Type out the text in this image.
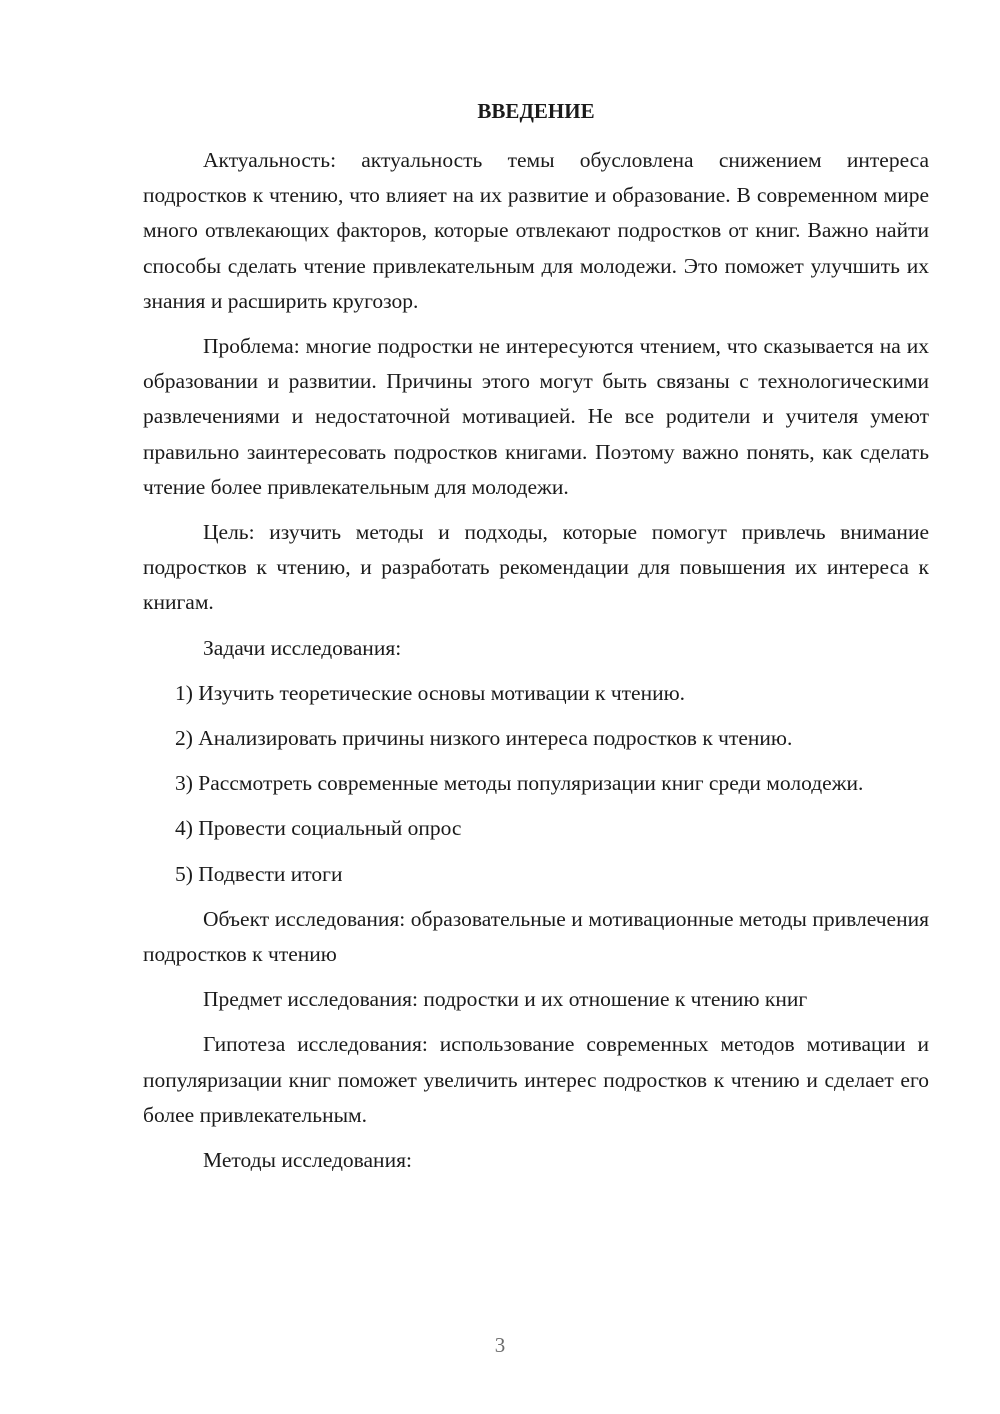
ВВЕДЕНИЕ

Актуальность: актуальность темы обусловлена снижением интереса подростков к чтению, что влияет на их развитие и образование. В современном мире много отвлекающих факторов, которые отвлекают подростков от книг. Важно найти способы сделать чтение привлекательным для молодежи. Это поможет улучшить их знания и расширить кругозор.

Проблема: многие подростки не интересуются чтением, что сказывается на их образовании и развитии. Причины этого могут быть связаны с технологическими развлечениями и недостаточной мотивацией. Не все родители и учителя умеют правильно заинтересовать подростков книгами. Поэтому важно понять, как сделать чтение более привлекательным для молодежи.

Цель: изучить методы и подходы, которые помогут привлечь внимание подростков к чтению, и разработать рекомендации для повышения их интереса к книгам.

Задачи исследования:

1) Изучить теоретические основы мотивации к чтению.

2) Анализировать причины низкого интереса подростков к чтению.

3) Рассмотреть современные методы популяризации книг среди молодежи.

4) Провести социальный опрос

5) Подвести итоги

Объект исследования: образовательные и мотивационные методы привлечения подростков к чтению

Предмет исследования: подростки и их отношение к чтению книг

Гипотеза исследования: использование современных методов мотивации и популяризации книг поможет увеличить интерес подростков к чтению и сделает его более привлекательным.

Методы исследования:

3
